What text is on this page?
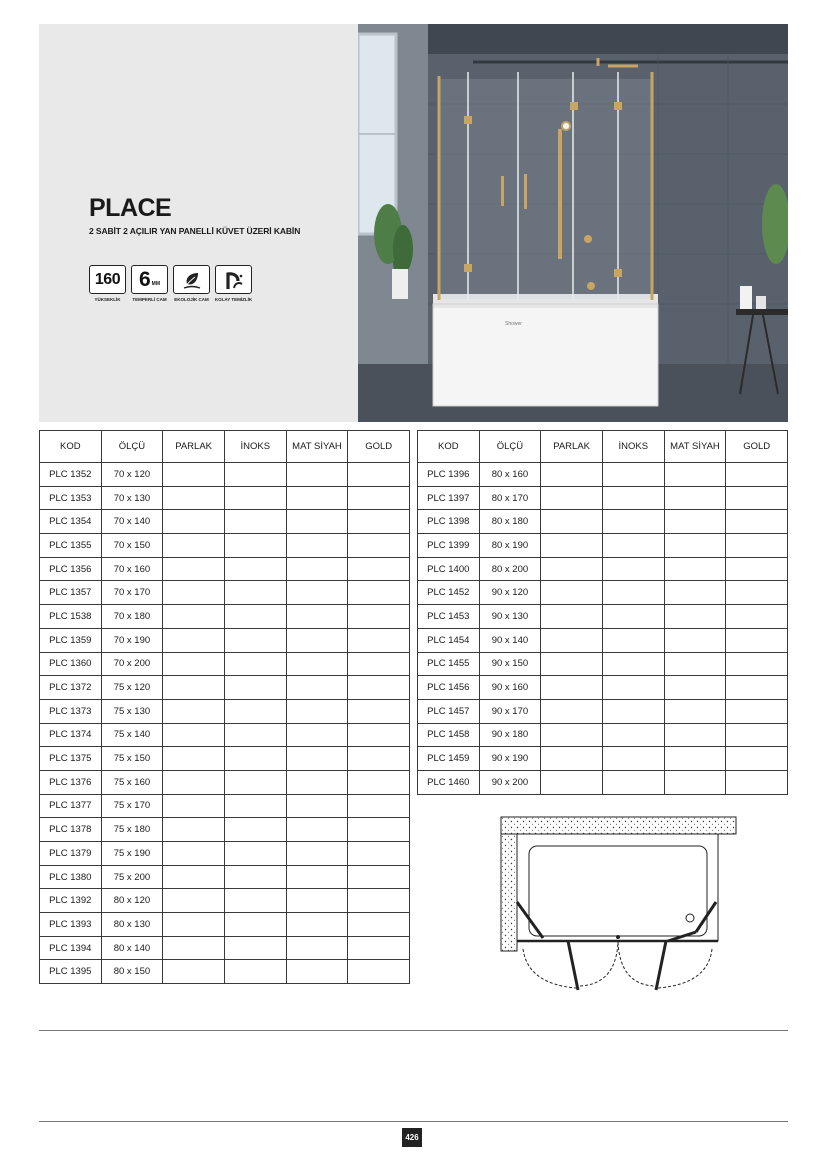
PLACE
2 SABİT 2 AÇILIR YAN PANELLİ KÜVET ÜZERİ KABİN
160
YÜKSEKLİK
6 MM
TEMPERLİ CAM EKOLOJİK CAM KOLAY TEMİZLİK
Shower
KOD	ÖLÇÜ	PARLAK	İNOKS	MAT SİYAH	GOLD
PLC 1352	70 x 120				
PLC 1353	70 x 130				
PLC 1354	70 x 140				
PLC 1355	70 x 150				
PLC 1356	70 x 160				
PLC 1357	70 x 170				
PLC 1538	70 x 180				
PLC 1359	70 x 190				
PLC 1360	70 x 200				
PLC 1372	75 x 120				
PLC 1373	75 x 130				
PLC 1374	75 x 140				
PLC 1375	75 x 150				
PLC 1376	75 x 160				
PLC 1377	75 x 170				
PLC 1378	75 x 180				
PLC 1379	75 x 190				
PLC 1380	75 x 200				
PLC 1392	80 x 120				
PLC 1393	80 x 130				
PLC 1394	80 x 140				
PLC 1395	80 x 150				
KOD	ÖLÇÜ	PARLAK	İNOKS	MAT SİYAH	GOLD
PLC 1396	80 x 160				
PLC 1397	80 x 170				
PLC 1398	80 x 180				
PLC 1399	80 x 190				
PLC 1400	80 x 200				
PLC 1452	90 x 120				
PLC 1453	90 x 130				
PLC 1454	90 x 140				
PLC 1455	90 x 150				
PLC 1456	90 x 160				
PLC 1457	90 x 170				
PLC 1458	90 x 180				
PLC 1459	90 x 190				
PLC 1460	90 x 200				
426
